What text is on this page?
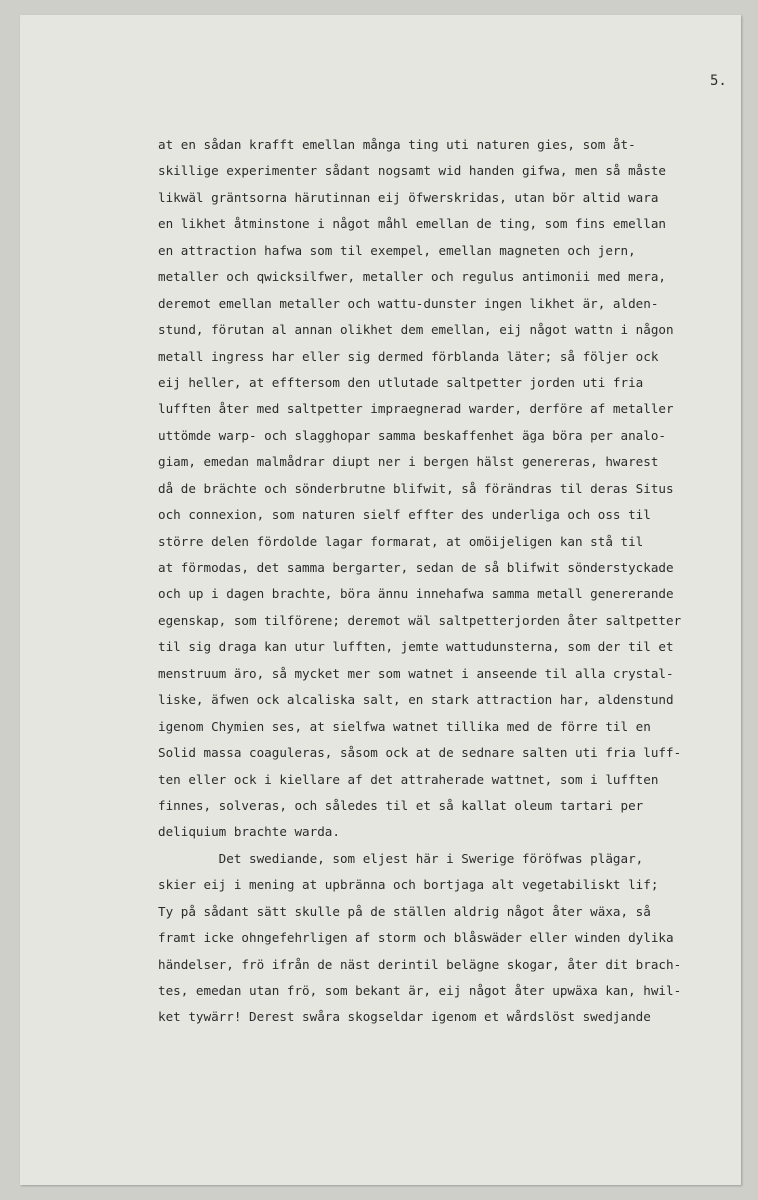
5.
at en sådan krafft emellan många ting uti naturen gies, som åt-
skillige experimenter sådant nogsamt wid handen gifwa, men så måste
likwäl gräntsorna härutinnan eij öfwerskridas, utan bör altid wara
en likhet åtminstone i något måhl emellan de ting, som fins emellan
en attraction hafwa som til exempel, emellan magneten och jern,
metaller och qwicksilfwer, metaller och regulus antimonii med mera,
deremot emellan metaller och wattu-dunster ingen likhet är, alden-
stund, förutan al annan olikhet dem emellan, eij något wattn i någon
metall ingress har eller sig dermed förblanda läter; så följer ock
eij heller, at efftersom den utlutade saltpetter jorden uti fria
lufften åter med saltpetter impraegnerad warder, derföre af metaller
uttömde warp- och slagghopar samma beskaffenhet äga böra per analo-
giam, emedan malmådrar diupt ner i bergen hälst genereras, hwarest
då de brächte och sönderbrutne blifwit, så förändras til deras Situs
och connexion, som naturen sielf effter des underliga och oss til
större delen fördolde lagar formarat, at omöijeligen kan stå til
at förmodas, det samma bergarter, sedan de så blifwit sönderstyckade
och up i dagen brachte, böra ännu innehafwa samma metall genererande
egenskap, som tilförene; deremot wäl saltpetterjorden åter saltpetter
til sig draga kan utur lufften, jemte wattudunsterna, som der til et
menstruum äro, så mycket mer som watnet i anseende til alla crystal-
liske, äfwen ock alcaliska salt, en stark attraction har, aldenstund
igenom Chymien ses, at sielfwa watnet tillika med de förre til en
Solid massa coaguleras, såsom ock at de sednare salten uti fria luff-
ten eller ock i kiellare af det attraherade wattnet, som i lufften
finnes, solveras, och således til et så kallat oleum tartari per
deliquium brachte warda.
Det swediande, som eljest här i Swerige föröfwas plägar,
skier eij i mening at upbränna och bortjaga alt vegetabiliskt lif;
Ty på sådant sätt skulle på de ställen aldrig något åter wäxa, så
framt icke ohngefehrligen af storm och blåswäder eller winden dylika
händelser, frö ifrån de näst derintil belägne skogar, åter dit brach-
tes, emedan utan frö, som bekant är, eij något åter upwäxa kan, hwil-
ket tywärr! Derest swåra skogseldar igenom et wårdslöst swedjande
